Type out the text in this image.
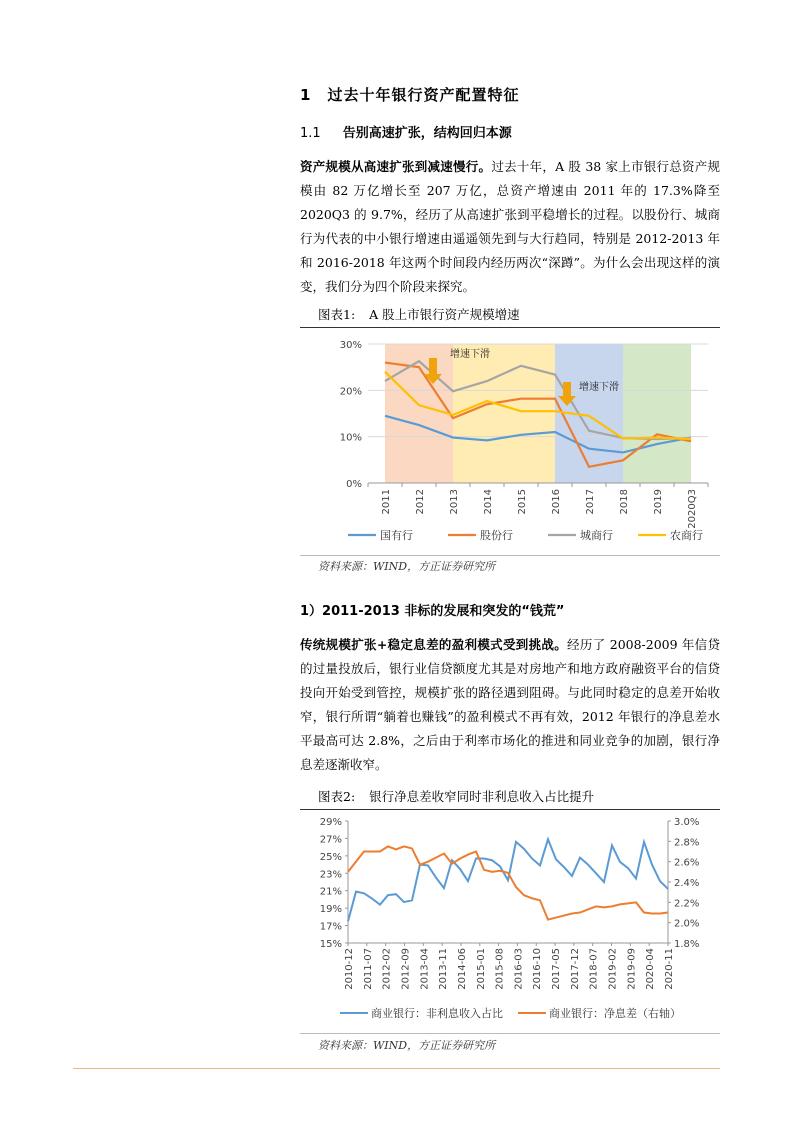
1 过去十年银行资产配置特征
1.1 告别高速扩张，结构回归本源
资产规模从高速扩张到减速慢行。过去十年，A 股 38 家上市银行总资产规模由 82 万亿增长至 207 万亿，总资产增速由 2011 年的 17.3%降至 2020Q3 的 9.7%，经历了从高速扩张到平稳增长的过程。以股份行、城商行为代表的中小银行增速由遥遥领先到与大行趋同，特别是 2012-2013 年和 2016-2018 年这两个时间段内经历两次“深蹲”。为什么会出现这样的演变，我们分为四个阶段来探究。
图表1: A 股上市银行资产规模增速
0%
10%
20%
30%
2011 2012 2013 2014 2015 2016 2017 2018 2019 2020Q3
增速下滑
增速下滑
国有行	股份行	城商行	农商行
资料来源：WIND，方正证券研究所
1）2011-2013 非标的发展和突发的“钱荒”
传统规模扩张+稳定息差的盈利模式受到挑战。经历了 2008-2009 年信贷的过量投放后，银行业信贷额度尤其是对房地产和地方政府融资平台的信贷投向开始受到管控，规模扩张的路径遇到阻碍。与此同时稳定的息差开始收窄，银行所谓“躺着也赚钱”的盈利模式不再有效，2012 年银行的净息差水平最高可达 2.8%，之后由于利率市场化的推进和同业竞争的加剧，银行净息差逐渐收窄。
图表2: 银行净息差收窄同时非利息收入占比提升
15%
17%
19%
21%
23%
25%
27%
29%
1.8%
2.0%
2.2%
2.4%
2.6%
2.8%
3.0%
2010-12 2011-07 2012-02 2012-09 2013-04 2013-11 2014-06 2015-01 2015-08 2016-03 2016-10 2017-05 2017-12 2018-07 2019-02 2019-09 2020-04 2020-11
商业银行：非利息收入占比	商业银行：净息差（右轴）
资料来源：WIND，方正证券研究所
